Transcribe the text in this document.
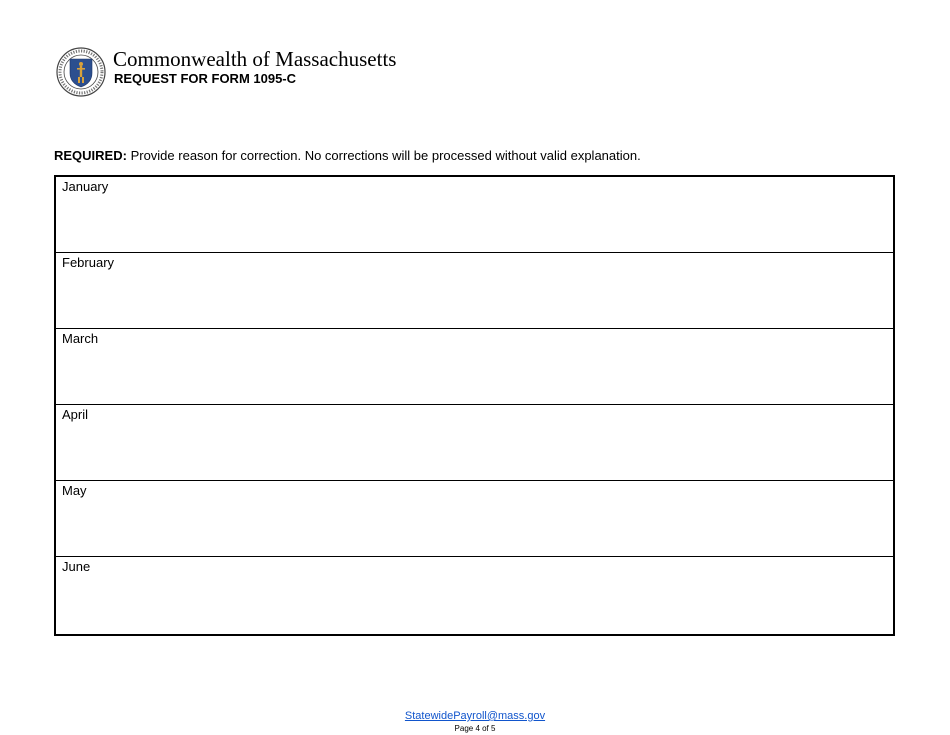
Commonwealth of Massachusetts
REQUEST FOR FORM 1095-C
REQUIRED: Provide reason for correction. No corrections will be processed without valid explanation.
January
February
March
April
May
June
StatewidePayroll@mass.gov
Page 4 of 5
